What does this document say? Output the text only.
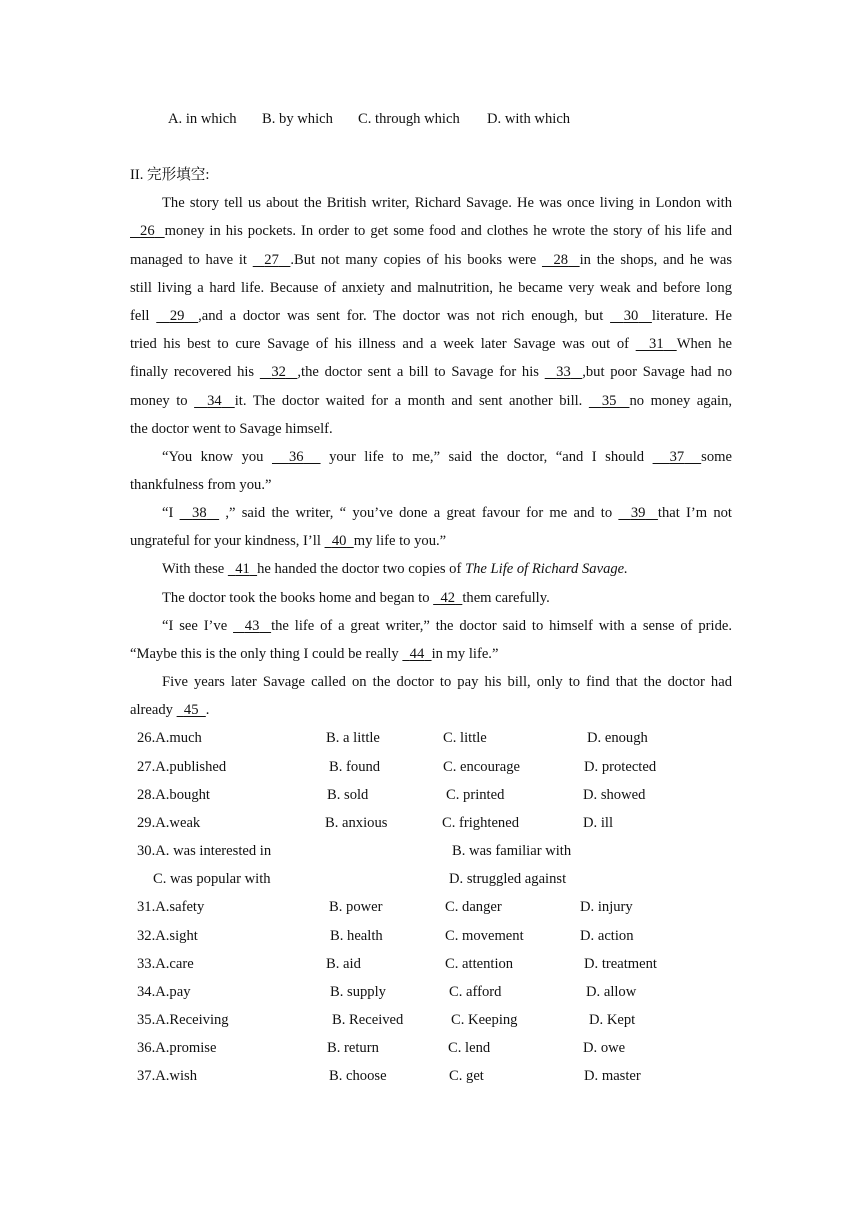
A. in which B. by which C. through which D. with which
II. 完形填空:
The story tell us about the British writer, Richard Savage. He was once living in London with
26 money in his pockets. In order to get some food and clothes he wrote the story of his life and
managed to have it 27 .But not many copies of his books were 28 in the shops, and he was
still living a hard life. Because of anxiety and malnutrition, he became very weak and before long
fell 29 ,and a doctor was sent for. The doctor was not rich enough, but 30 literature. He
tried his best to cure Savage of his illness and a week later Savage was out of 31 When he
finally recovered his 32 ,the doctor sent a bill to Savage for his 33 ,but poor Savage had no
money to 34 it. The doctor waited for a month and sent another bill. 35 no money again,
the doctor went to Savage himself.
“You know you 36 your life to me,” said the doctor, “and I should 37 some
thankfulness from you.”
“I 38 ,” said the writer, “ you’ve done a great favour for me and to 39 that I’m not
ungrateful for your kindness, I’ll 40 my life to you.”
With these 41 he handed the doctor two copies of The Life of Richard Savage.
The doctor took the books home and began to 42 them carefully.
“I see I’ve 43 the life of a great writer,” the doctor said to himself with a sense of pride.
“Maybe this is the only thing I could be really 44 in my life.”
Five years later Savage called on the doctor to pay his bill, only to find that the doctor had
already 45 .
26.A.much	B. a little	C. little	D. enough
27.A.published	B. found	C. encourage	D. protected
28.A.bought	B. sold	C. printed	D. showed
29.A.weak	B. anxious	C. frightened	D. ill
30.A. was interested in	B. was familiar with
C. was popular with	D. struggled against
31.A.safety	B. power	C. danger	D. injury
32.A.sight	B. health	C. movement	D. action
33.A.care	B. aid	C. attention	D. treatment
34.A.pay	B. supply	C. afford	D. allow
35.A.Receiving	B. Received	C. Keeping	D. Kept
36.A.promise	B. return	C. lend	D. owe
37.A.wish	B. choose	C. get	D. master
